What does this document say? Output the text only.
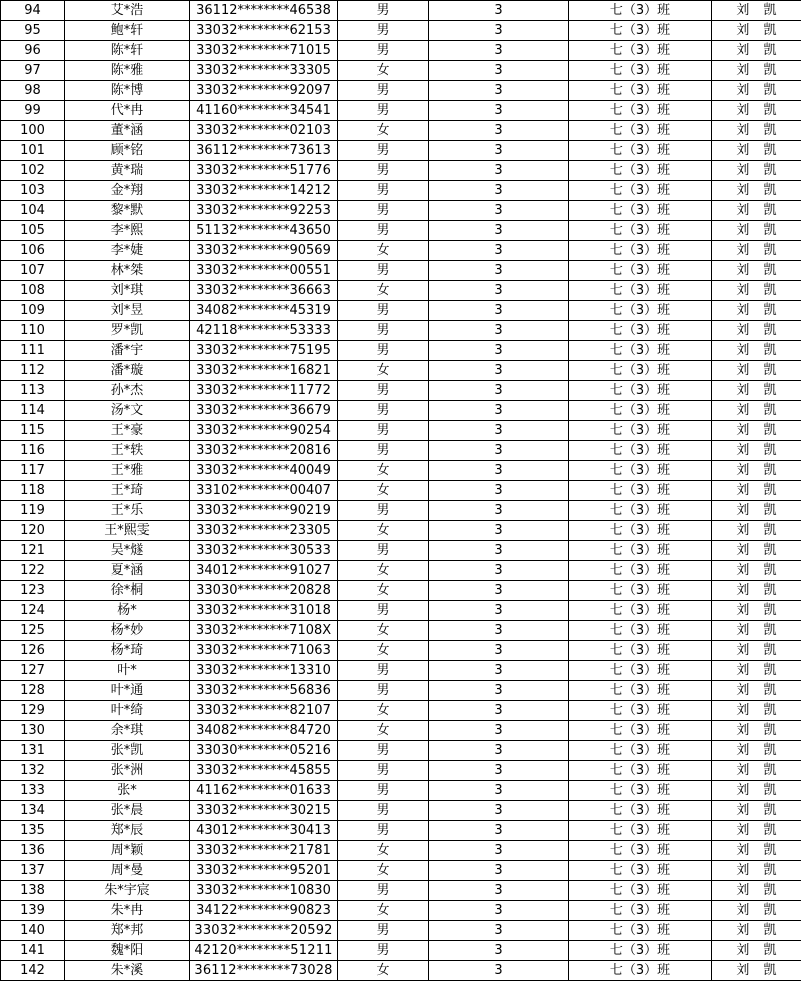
94	艾*浩	36112********46538	男	3	七（3）班	刘 凯
95	鲍*轩	33032********62153	男	3	七（3）班	刘 凯
96	陈*轩	33032********71015	男	3	七（3）班	刘 凯
97	陈*雅	33032********33305	女	3	七（3）班	刘 凯
98	陈*博	33032********92097	男	3	七（3）班	刘 凯
99	代*冉	41160********34541	男	3	七（3）班	刘 凯
100	董*涵	33032********02103	女	3	七（3）班	刘 凯
101	顾*铭	36112********73613	男	3	七（3）班	刘 凯
102	黄*瑞	33032********51776	男	3	七（3）班	刘 凯
103	金*翔	33032********14212	男	3	七（3）班	刘 凯
104	黎*默	33032********92253	男	3	七（3）班	刘 凯
105	李*熙	51132********43650	男	3	七（3）班	刘 凯
106	李*婕	33032********90569	女	3	七（3）班	刘 凯
107	林*桀	33032********00551	男	3	七（3）班	刘 凯
108	刘*琪	33032********36663	女	3	七（3）班	刘 凯
109	刘*昱	34082********45319	男	3	七（3）班	刘 凯
110	罗*凯	42118********53333	男	3	七（3）班	刘 凯
111	潘*宇	33032********75195	男	3	七（3）班	刘 凯
112	潘*璇	33032********16821	女	3	七（3）班	刘 凯
113	孙*杰	33032********11772	男	3	七（3）班	刘 凯
114	汤*文	33032********36679	男	3	七（3）班	刘 凯
115	王*豪	33032********90254	男	3	七（3）班	刘 凯
116	王*轶	33032********20816	男	3	七（3）班	刘 凯
117	王*雅	33032********40049	女	3	七（3）班	刘 凯
118	王*琦	33102********00407	女	3	七（3）班	刘 凯
119	王*乐	33032********90219	男	3	七（3）班	刘 凯
120	王*熙雯	33032********23305	女	3	七（3）班	刘 凯
121	吴*燧	33032********30533	男	3	七（3）班	刘 凯
122	夏*涵	34012********91027	女	3	七（3）班	刘 凯
123	徐*桐	33030********20828	女	3	七（3）班	刘 凯
124	杨*	33032********31018	男	3	七（3）班	刘 凯
125	杨*妙	33032********7108X	女	3	七（3）班	刘 凯
126	杨*琦	33032********71063	女	3	七（3）班	刘 凯
127	叶*	33032********13310	男	3	七（3）班	刘 凯
128	叶*通	33032********56836	男	3	七（3）班	刘 凯
129	叶*绮	33032********82107	女	3	七（3）班	刘 凯
130	余*琪	34082********84720	女	3	七（3）班	刘 凯
131	张*凯	33030********05216	男	3	七（3）班	刘 凯
132	张*洲	33032********45855	男	3	七（3）班	刘 凯
133	张*	41162********01633	男	3	七（3）班	刘 凯
134	张*晨	33032********30215	男	3	七（3）班	刘 凯
135	郑*辰	43012********30413	男	3	七（3）班	刘 凯
136	周*颖	33032********21781	女	3	七（3）班	刘 凯
137	周*曼	33032********95201	女	3	七（3）班	刘 凯
138	朱*宇宸	33032********10830	男	3	七（3）班	刘 凯
139	朱*冉	34122********90823	女	3	七（3）班	刘 凯
140	郑*邦	33032********20592	男	3	七（3）班	刘 凯
141	魏*阳	42120********51211	男	3	七（3）班	刘 凯
142	朱*溪	36112********73028	女	3	七（3）班	刘 凯
